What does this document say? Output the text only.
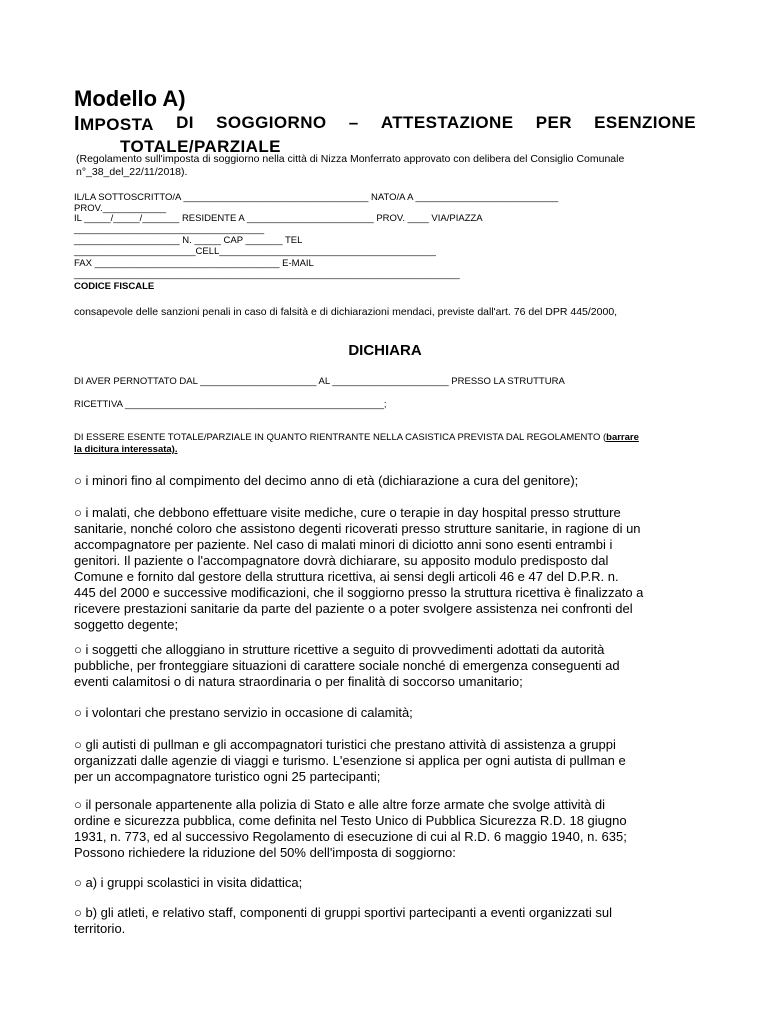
Modello A)
IMPOSTA DI SOGGIORNO – ATTESTAZIONE PER ESENZIONE
TOTALE/PARZIALE
(Regolamento sull'imposta di soggiorno nella città di Nizza Monferrato approvato con delibera del Consiglio Comunale
n°_38_del_22/11/2018).
IL/LA SOTTOSCRITTO/A ___________________________________ NATO/A A ___________________________
PROV.____________
IL _____/_____/_______ RESIDENTE A ________________________ PROV. ____ VIA/PIAZZA
____________________________________
____________________ N. _____ CAP _______ TEL
_______________________CELL_________________________________________
FAX ___________________________________ E-MAIL
_________________________________________________________________________
CODICE FISCALE
consapevole delle sanzioni penali in caso di falsità e di dichiarazioni mendaci, previste dall'art. 76 del DPR 445/2000,
DICHIARA
DI AVER PERNOTTATO DAL ______________________ AL ______________________ PRESSO LA STRUTTURA
RICETTIVA _________________________________________________;
DI ESSERE ESENTE TOTALE/PARZIALE IN QUANTO RIENTRANTE NELLA CASISTICA PREVISTA DAL REGOLAMENTO (barrare
la dicitura interessata).
○ i minori fino al compimento del decimo anno di età (dichiarazione a cura del genitore);
○ i malati, che debbono effettuare visite mediche, cure o terapie in day hospital presso strutture
sanitarie, nonché coloro che assistono degenti ricoverati presso strutture sanitarie, in ragione di un
accompagnatore per paziente. Nel caso di malati minori di diciotto anni sono esenti entrambi i
genitori. Il paziente o l'accompagnatore dovrà dichiarare, su apposito modulo predisposto dal
Comune e fornito dal gestore della struttura ricettiva, ai sensi degli articoli 46 e 47 del D.P.R. n.
445 del 2000 e successive modificazioni, che il soggiorno presso la struttura ricettiva è finalizzato a
ricevere prestazioni sanitarie da parte del paziente o a poter svolgere assistenza nei confronti del
soggetto degente;
○ i soggetti che alloggiano in strutture ricettive a seguito di provvedimenti adottati da autorità
pubbliche, per fronteggiare situazioni di carattere sociale nonché di emergenza conseguenti ad
eventi calamitosi o di natura straordinaria o per finalità di soccorso umanitario;
○ i volontari che prestano servizio in occasione di calamità;
○ gli autisti di pullman e gli accompagnatori turistici che prestano attività di assistenza a gruppi
organizzati dalle agenzie di viaggi e turismo. L'esenzione si applica per ogni autista di pullman e
per un accompagnatore turistico ogni 25 partecipanti;
○ il personale appartenente alla polizia di Stato e alle altre forze armate che svolge attività di
ordine e sicurezza pubblica, come definita nel Testo Unico di Pubblica Sicurezza R.D. 18 giugno
1931, n. 773, ed al successivo Regolamento di esecuzione di cui al R.D. 6 maggio 1940, n. 635;
Possono richiedere la riduzione del 50% dell'imposta di soggiorno:
○ a) i gruppi scolastici in visita didattica;
○ b) gli atleti, e relativo staff, componenti di gruppi sportivi partecipanti a eventi organizzati sul
territorio.
